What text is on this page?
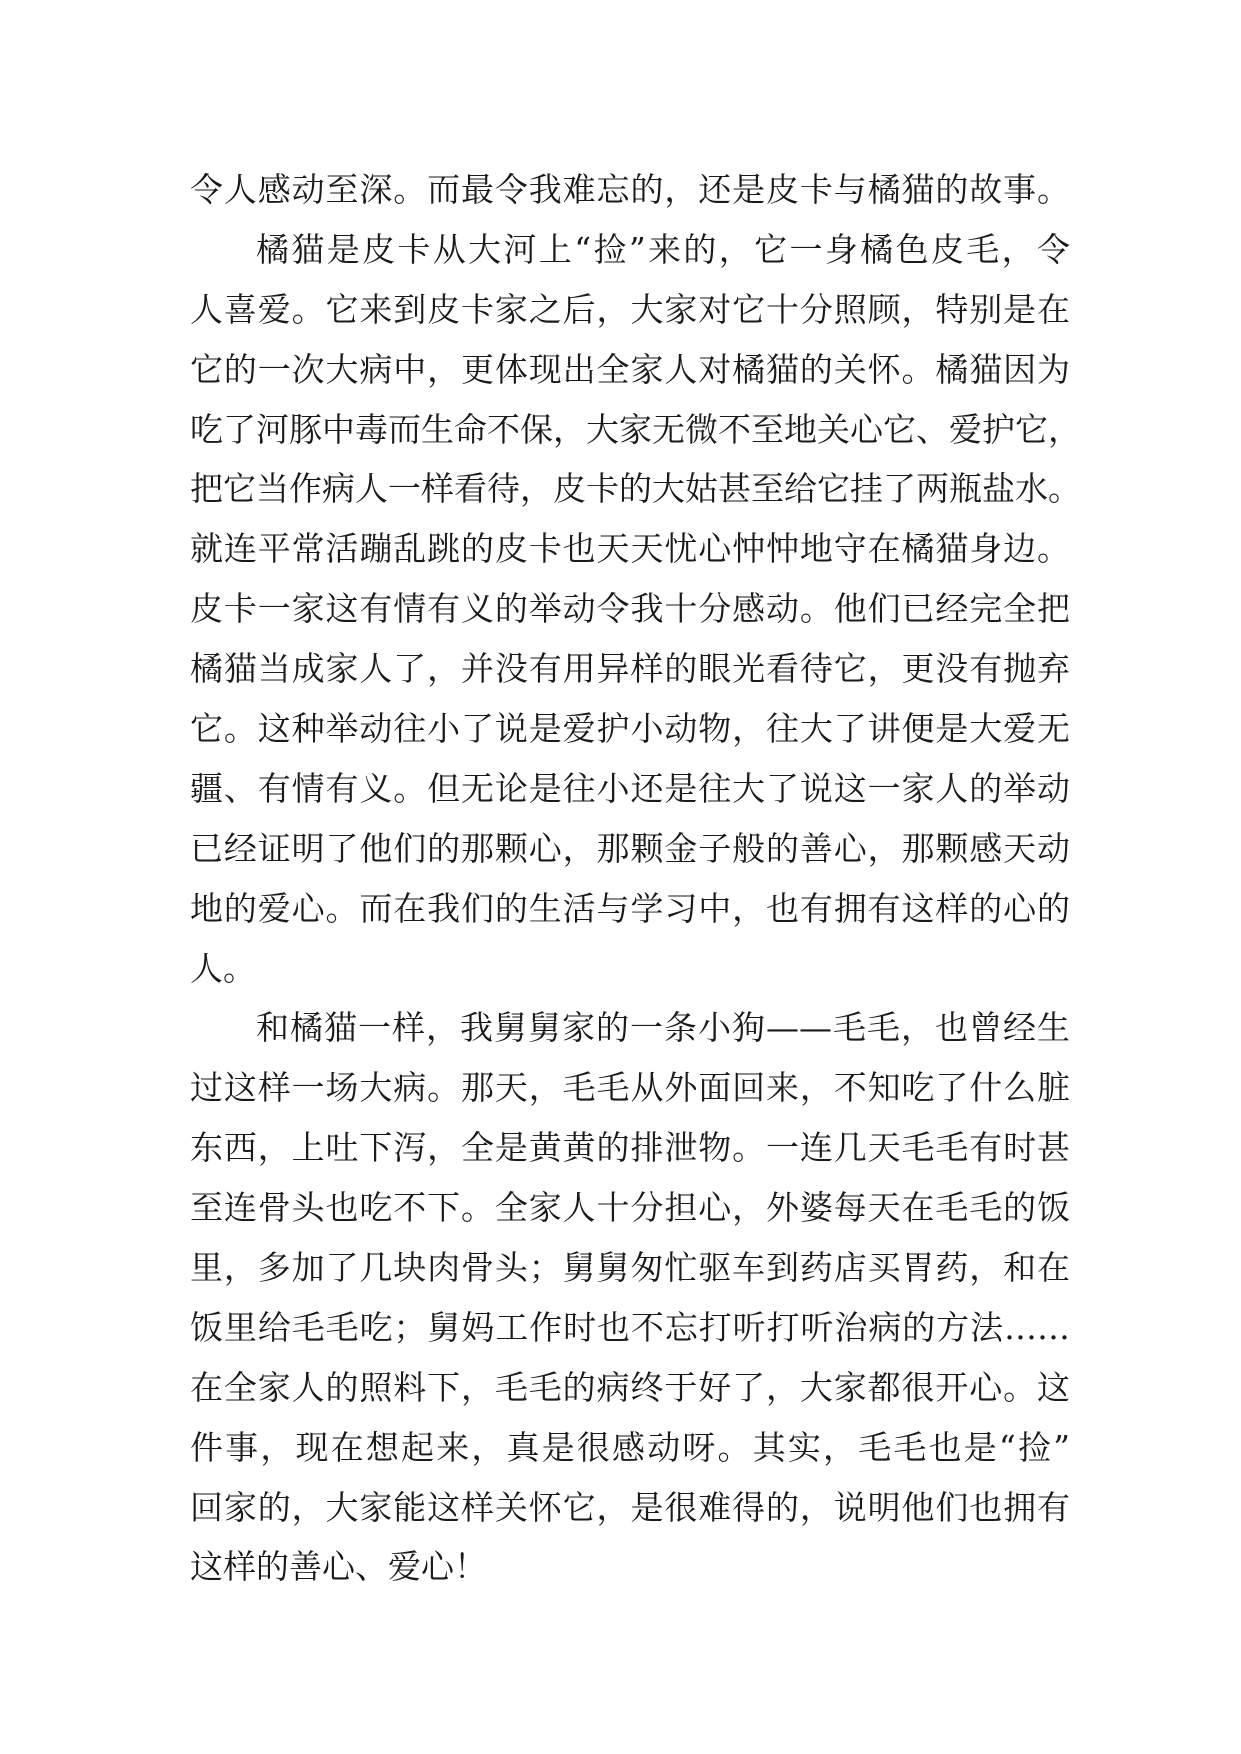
令人感动至深。而最令我难忘的，还是皮卡与橘猫的故事。
橘猫是皮卡从大河上“捡”来的，它一身橘色皮毛，令
人喜爱。它来到皮卡家之后，大家对它十分照顾，特别是在
它的一次大病中，更体现出全家人对橘猫的关怀。橘猫因为
吃了河豚中毒而生命不保，大家无微不至地关心它、爱护它，
把它当作病人一样看待，皮卡的大姑甚至给它挂了两瓶盐水。
就连平常活蹦乱跳的皮卡也天天忧心忡忡地守在橘猫身边。
皮卡一家这有情有义的举动令我十分感动。他们已经完全把
橘猫当成家人了，并没有用异样的眼光看待它，更没有抛弃
它。这种举动往小了说是爱护小动物，往大了讲便是大爱无
疆、有情有义。但无论是往小还是往大了说这一家人的举动
已经证明了他们的那颗心，那颗金子般的善心，那颗感天动
地的爱心。而在我们的生活与学习中，也有拥有这样的心的
人。
和橘猫一样，我舅舅家的一条小狗——毛毛，也曾经生
过这样一场大病。那天，毛毛从外面回来，不知吃了什么脏
东西，上吐下泻，全是黄黄的排泄物。一连几天毛毛有时甚
至连骨头也吃不下。全家人十分担心，外婆每天在毛毛的饭
里，多加了几块肉骨头；舅舅匆忙驱车到药店买胃药，和在
饭里给毛毛吃；舅妈工作时也不忘打听打听治病的方法……
在全家人的照料下，毛毛的病终于好了，大家都很开心。这
件事，现在想起来，真是很感动呀。其实，毛毛也是“捡”
回家的，大家能这样关怀它，是很难得的，说明他们也拥有
这样的善心、爱心！
